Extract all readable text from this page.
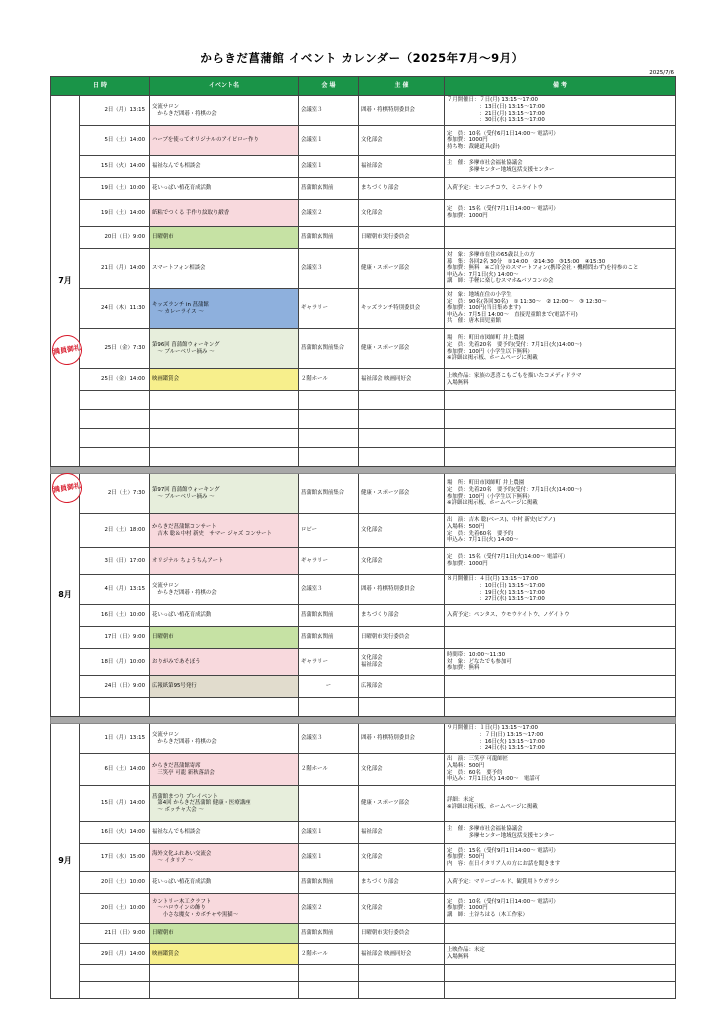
からきだ菖蒲館 イベント カレンダー（2025年7月〜9月）
2025/7/6
日 時		イベント名	会 場	主 催	備 考
7月	2日（月）13:15	交流サロン
　からきだ囲碁・将棋の会	会議室３	囲碁・将棋特別委員会	７月開催日：７日(月) 13:15〜17:00
　　　　　　：13日(日) 13:15〜17:00
　　　　　　：21日(月) 13:15〜17:00
　　　　　　：30日(水) 13:15〜17:00
	5日（土）14:00	ハーブを使ってオリジナルのアイピロー作り	会議室１	文化部会	定　員：10名（受付6月1日14:00〜 電話可）
参加費：1000円
持ち物：裁縫道具(針)
	15日（火）14:00	福祉なんでも相談会	会議室１	福祉部会	主　催：多摩市社会福祉協議会
　　　　多摩センター地域包括支援センター
	19日（土）10:00	花いっぱい植花育成活動	菖蒲館玄関前	まちづくり部会	入荷予定：センニチコウ、ミニケイトウ
	19日（土）14:00	紙粘でつくる 手作り紋取り緞香	会議室２	文化部会	定　員：15名（受付7月1日14:00〜 電話可）
参加費：1000円
	20日（日）9:00	日曜朝市	菖蒲館玄関前	日曜朝市実行委員会	
	21日（月）14:00	スマートフォン相談会	会議室３	健康・スポーツ部会	対　象：多摩市在住の65歳以上の方
募　集：各回2名 30分　①14:00　②14:30　③15:00　④15:30
参加費：無料　※ご自分のスマートフォン(携帯会社・機種問わず)を持参のこと
申込み：7月1日(火) 14:00〜
講　師：手軽に楽しむスマホ&パソコンの会
	24日（木）11:30	キッズランチ in 菖蒲館
　〜 カレーライス 〜	ギャラリー	キッズランチ特別委員会	対　象：地域在住の小学生
定　員：90名(各回30名)　① 11:30〜　② 12:00〜　③ 12:30〜
参加費：100円(当日集めます)
申込み：7月5日 14:00〜　直接児童館まで(電話不可)
共　催：唐木田児童館
	25日（金）7:30	第96回 菖蒲館ウォーキング
　〜 ブルーベリー摘み 〜	菖蒲館玄関前集合	健康・スポーツ部会	場　所：町田市図師町 井上農園
定　員：先着20名　要予約(受付：7月1日(火)14:00〜)
参加費：100円（小学生以下無料）
※詳細は掲示板、ホームページに掲載
	25日（金）14:00	映画鑑賞会	２階ホール	福祉部会 映画同好会	上映作品：家族の悲喜こもごもを描いたコメディドラマ
入場無料

8月	2日（土）7:30	第97回 菖蒲館ウォーキング
　〜 ブルーベリー摘み 〜	菖蒲館玄関前集合	健康・スポーツ部会	場　所：町田市図師町 井上農園
定　員：先着20名　要予約(受付：7月1日(火)14:00〜)
参加費：100円（小学生以下無料）
※詳細は掲示板、ホームページに掲載
	2日（土）18:00	からきだ菖蒲館コンサート
　吉木 聡＆中村 新史　サマー ジャズ コンサート	ロビー	文化部会	出　演：吉木 聡(ベース)、中村 新史(ピアノ)
入場料：500円
定　員：先着60名　要予約
申込み：7月1日(火) 14:00〜
	3日（日）17:00	オリジナル ちょうちんアート	ギャラリー	文化部会	定　員：15名（受付7月1日(火)14:00〜 電話可）
参加費：1000円
	4日（月）13:15	交流サロン
　からきだ囲碁・将棋の会	会議室３	囲碁・将棋特別委員会	８月開催日：４日(月) 13:15〜17:00
　　　　　　：10日(日) 13:15〜17:00
　　　　　　：19日(火) 13:15〜17:00
　　　　　　：27日(水) 13:15〜17:00
	16日（土）10:00	花いっぱい植花育成活動	菖蒲館玄関前	まちづくり部会	入荷予定：ペンタス、ウモウケイトウ、ノゲイトウ
	17日（日）9:00	日曜朝市	菖蒲館玄関前	日曜朝市実行委員会	
	18日（月）10:00	おりがみであそぼう	ギャラリー	文化部会
福祉部会	時間帯：10:00〜11:30
対　象：どなたでも参加可
参加費：無料
	24日（日）9:00	広報紙第95号発行	ー	広報部会	

9月	1日（月）13:15	交流サロン
　からきだ囲碁・将棋の会	会議室３	囲碁・将棋特別委員会	９月開催日：１日(月) 13:15〜17:00
　　　　　　：７日(日) 13:15〜17:00
　　　　　　：16日(火) 13:15〜17:00
　　　　　　：24日(水) 13:15〜17:00
	6日（土）14:00	からきだ菖蒲館寄席
　三笑亭 可龍 新秋落語会	２階ホール	文化部会	出　演：三笑亭 可龍師匠
入場料：500円
定　員：60名　要予約
申込み：7月1日(火) 14:00〜　電話可
	15日（月）14:00	菖蒲館まつり プレイベント
　第4回 からきだ菖蒲館 健康・医療講座
　〜 ボッチャ大会 〜		健康・スポーツ部会	詳細：未定
※詳細は掲示板、ホームページに掲載
	16日（火）14:00	福祉なんでも相談会	会議室１	福祉部会	主　催：多摩市社会福祉協議会
　　　　多摩センター地域包括支援センター
	17日（水）15:00	海外文化ふれあい交流会
　〜 イタリア 〜	会議室１	文化部会	定　員：15名（受付9月1日14:00〜 電話可）
参加費：500円
内　容：在日イタリア人の方にお話を聞きます
	20日（土）10:00	花いっぱい植花育成活動	菖蒲館玄関前	まちづくり部会	入荷予定：マリーゴールド、観賞用トウガラシ
	20日（土）10:00	カントリー木工クラフト
　〜ハロウインの飾り
　　小さな魔女・カボチャや黒猫〜	会議室２	文化部会	定　員：10名（受付9月1日14:00〜 電話可）
参加費：1000円
講　師：土谷ちはる（木工作家）
	21日（日）9:00	日曜朝市	菖蒲館玄関前	日曜朝市実行委員会	
	29日（月）14:00	映画鑑賞会	２階ホール	福祉部会 映画同好会	上映作品：未定
入場無料

満員御礼
満員御礼
